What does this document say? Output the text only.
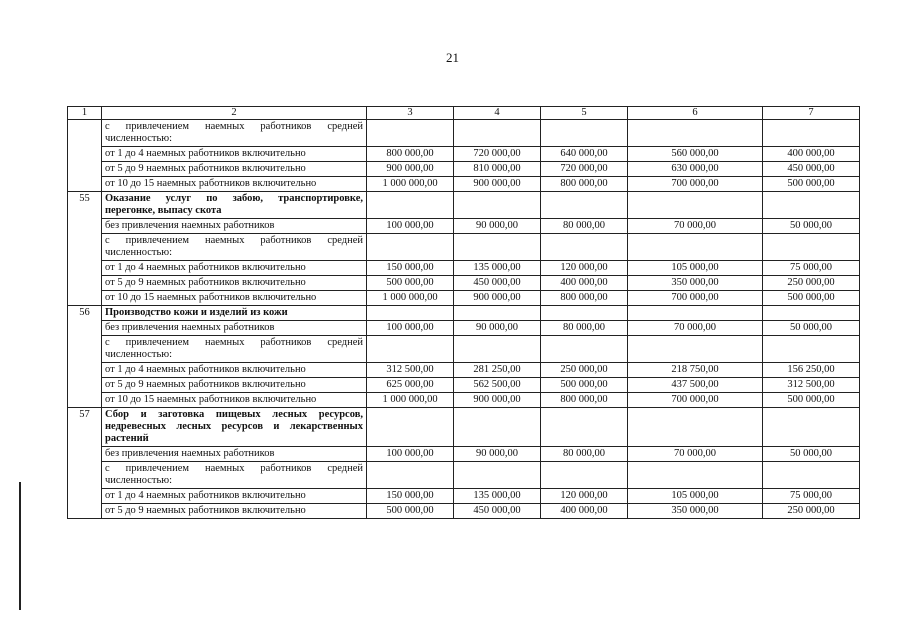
21
1	2	3	4	5	6	7
	с привлечением наемных работников средней численностью:					
	от 1 до 4 наемных работников включительно	800 000,00	720 000,00	640 000,00	560 000,00	400 000,00
	от 5 до 9 наемных работников включительно	900 000,00	810 000,00	720 000,00	630 000,00	450 000,00
	от 10 до 15 наемных работников включительно	1 000 000,00	900 000,00	800 000,00	700 000,00	500 000,00
55	Оказание услуг по забою, транспортировке, перегонке, выпасу скота					
	без привлечения наемных работников	100 000,00	90 000,00	80 000,00	70 000,00	50 000,00
	с привлечением наемных работников средней численностью:					
	от 1 до 4 наемных работников включительно	150 000,00	135 000,00	120 000,00	105 000,00	75 000,00
	от 5 до 9 наемных работников включительно	500 000,00	450 000,00	400 000,00	350 000,00	250 000,00
	от 10 до 15 наемных работников включительно	1 000 000,00	900 000,00	800 000,00	700 000,00	500 000,00
56	Производство кожи и изделий из кожи					
	без привлечения наемных работников	100 000,00	90 000,00	80 000,00	70 000,00	50 000,00
	с привлечением наемных работников средней численностью:					
	от 1 до 4 наемных работников включительно	312 500,00	281 250,00	250 000,00	218 750,00	156 250,00
	от 5 до 9 наемных работников включительно	625 000,00	562 500,00	500 000,00	437 500,00	312 500,00
	от 10 до 15 наемных работников включительно	1 000 000,00	900 000,00	800 000,00	700 000,00	500 000,00
57	Сбор и заготовка пищевых лесных ресурсов, недревесных лесных ресурсов и лекарственных растений					
	без привлечения наемных работников	100 000,00	90 000,00	80 000,00	70 000,00	50 000,00
	с привлечением наемных работников средней численностью:					
	от 1 до 4 наемных работников включительно	150 000,00	135 000,00	120 000,00	105 000,00	75 000,00
	от 5 до 9 наемных работников включительно	500 000,00	450 000,00	400 000,00	350 000,00	250 000,00
